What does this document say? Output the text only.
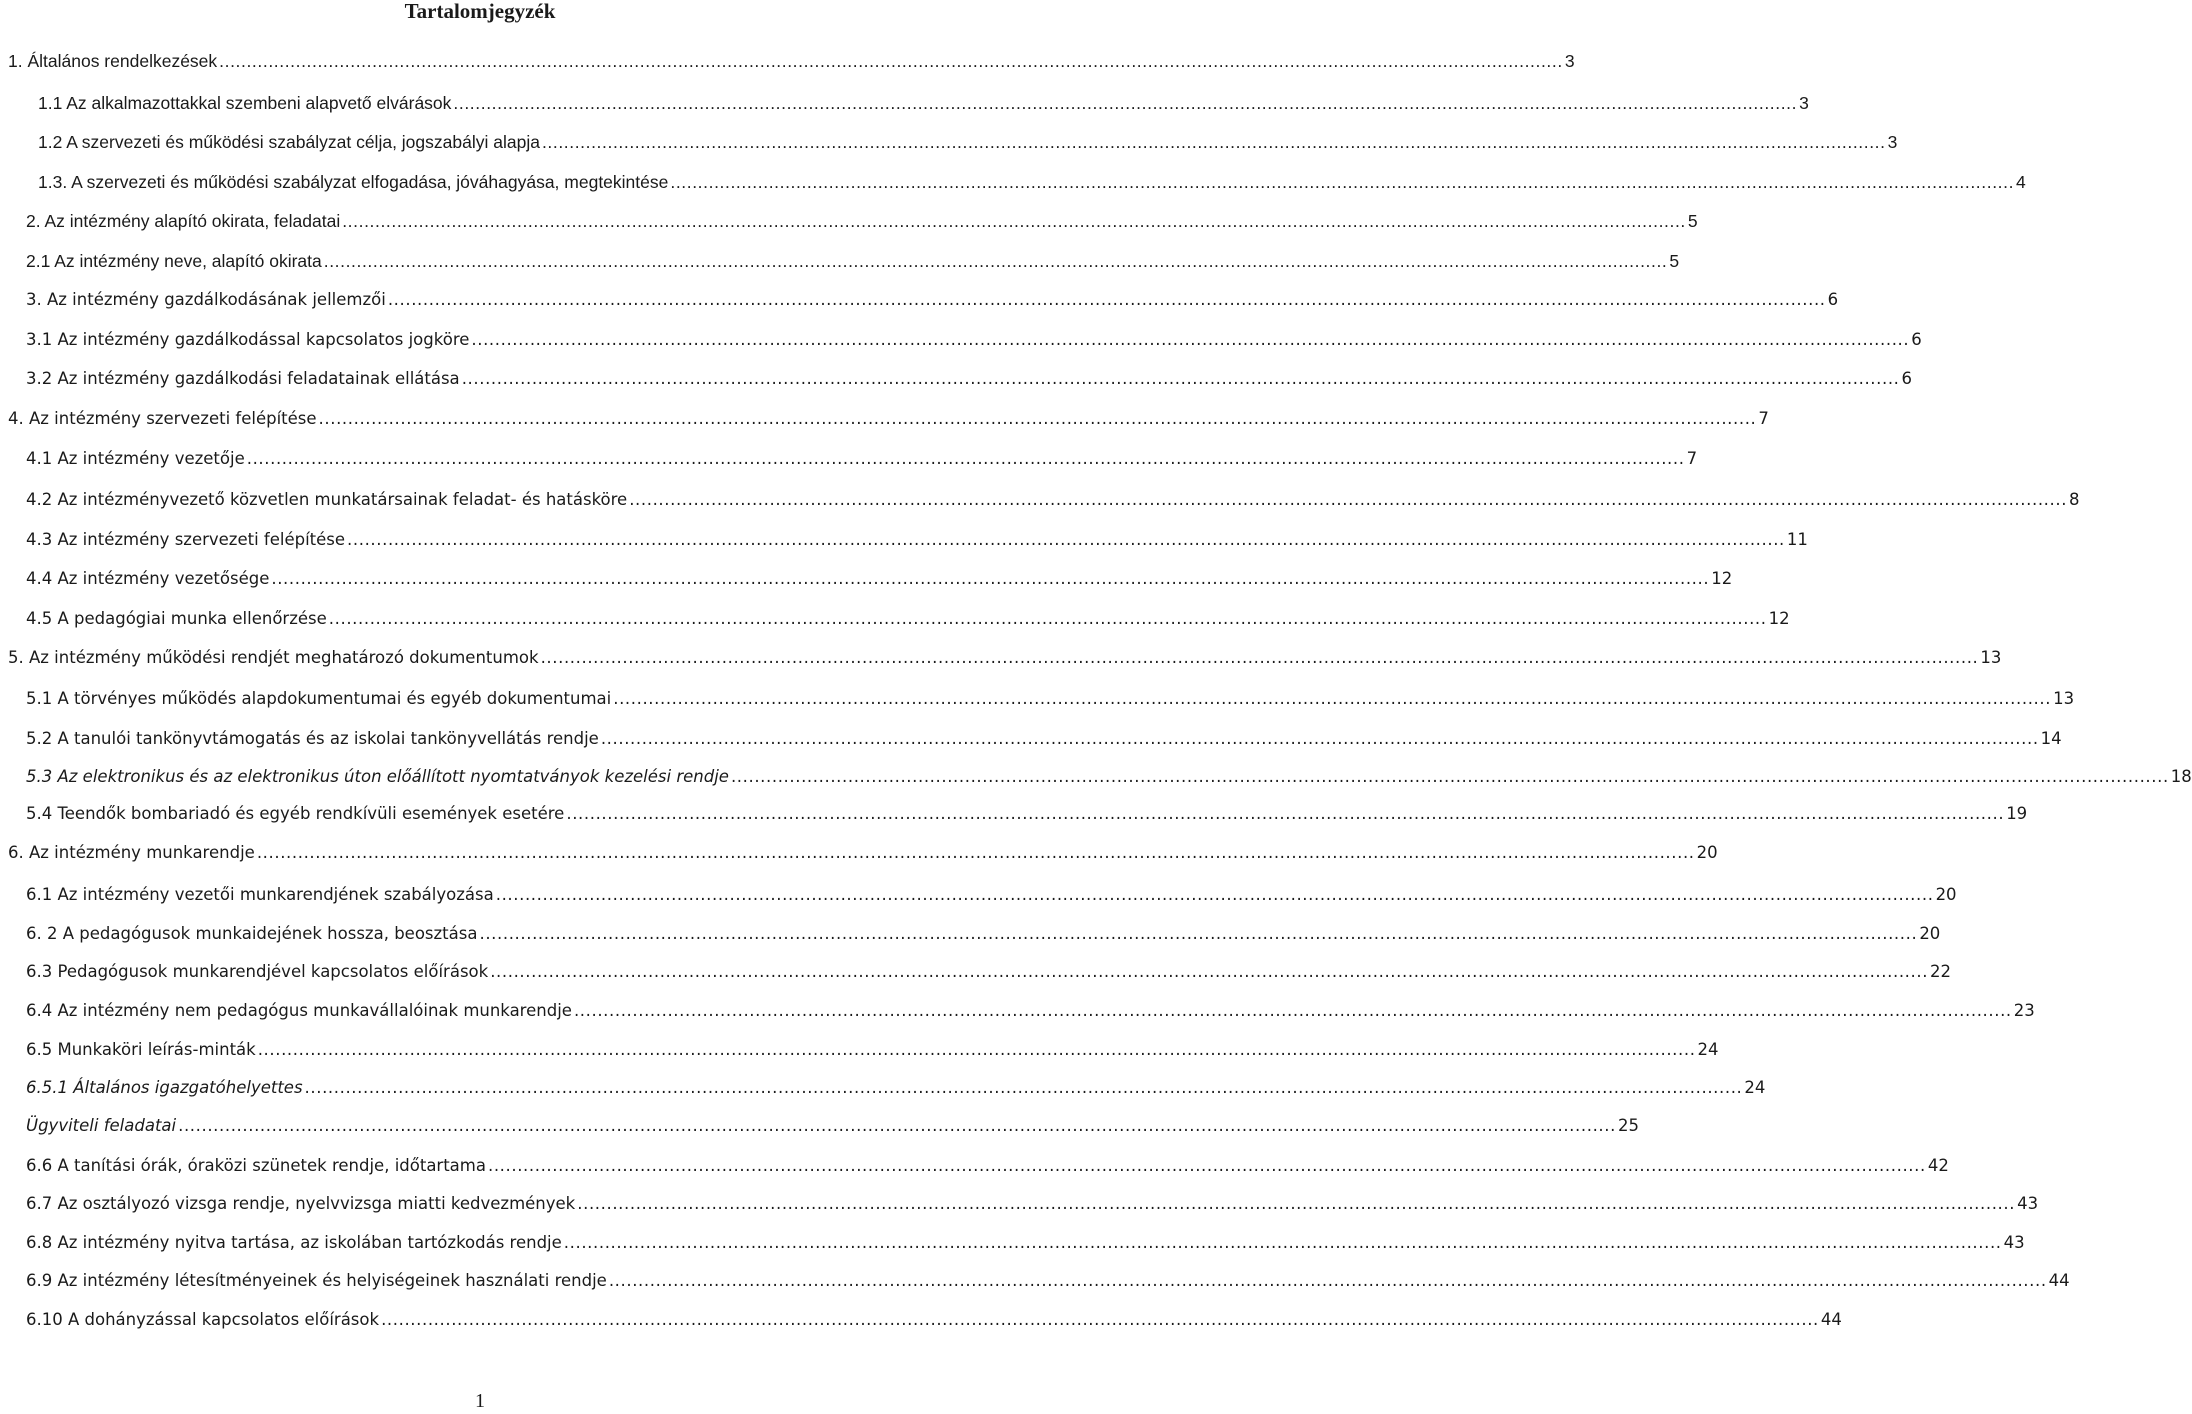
Tartalomjegyzék
1. Általános rendelkezések .....	3
1.1 Az alkalmazottakkal szembeni alapvető elvárások .....	3
1.2 A szervezeti és működési szabályzat célja, jogszabályi alapja .....	3
1.3. A szervezeti és működési szabályzat elfogadása, jóváhagyása, megtekintése .....	4
2. Az intézmény alapító okirata, feladatai .....	5
2.1 Az intézmény neve, alapító okirata .....	5
3. Az intézmény gazdálkodásának jellemzői .....	6
3.1 Az intézmény gazdálkodással kapcsolatos jogköre .....	6
3.2 Az intézmény gazdálkodási feladatainak ellátása .....	6
4. Az intézmény szervezeti felépítése .....	7
4.1 Az intézmény vezetője .....	7
4.2 Az intézményvezető közvetlen munkatársainak feladat- és hatásköre .....	8
4.3 Az intézmény szervezeti felépítése .....	11
4.4 Az intézmény vezetősége .....	12
4.5 A pedagógiai munka ellenőrzése .....	12
5. Az intézmény működési rendjét meghatározó dokumentumok .....	13
5.1 A törvényes működés alapdokumentumai és egyéb dokumentumai .....	13
5.2 A tanulói tankönyvtámogatás és az iskolai tankönyvellátás rendje .....	14
5.3 Az elektronikus és az elektronikus úton előállított nyomtatványok kezelési rendje .....	18
5.4 Teendők bombariadó és egyéb rendkívüli események esetére .....	19
6. Az intézmény munkarendje .....	20
6.1 Az intézmény vezetői munkarendjének szabályozása .....	20
6. 2 A pedagógusok munkaidejének hossza, beosztása .....	20
6.3 Pedagógusok munkarendjével kapcsolatos előírások .....	22
6.4 Az intézmény nem pedagógus munkavállalóinak munkarendje .....	23
6.5 Munkaköri leírás-minták .....	24
6.5.1 Általános igazgatóhelyettes .....	24
Ügyviteli feladatai .....	25
6.6 A tanítási órák, óraközi szünetek rendje, időtartama .....	42
6.7 Az osztályozó vizsga rendje, nyelvvizsga miatti kedvezmények .....	43
6.8 Az intézmény nyitva tartása, az iskolában tartózkodás rendje .....	43
6.9 Az intézmény létesítményeinek és helyiségeinek használati rendje .....	44
6.10 A dohányzással kapcsolatos előírások .....	44
1
